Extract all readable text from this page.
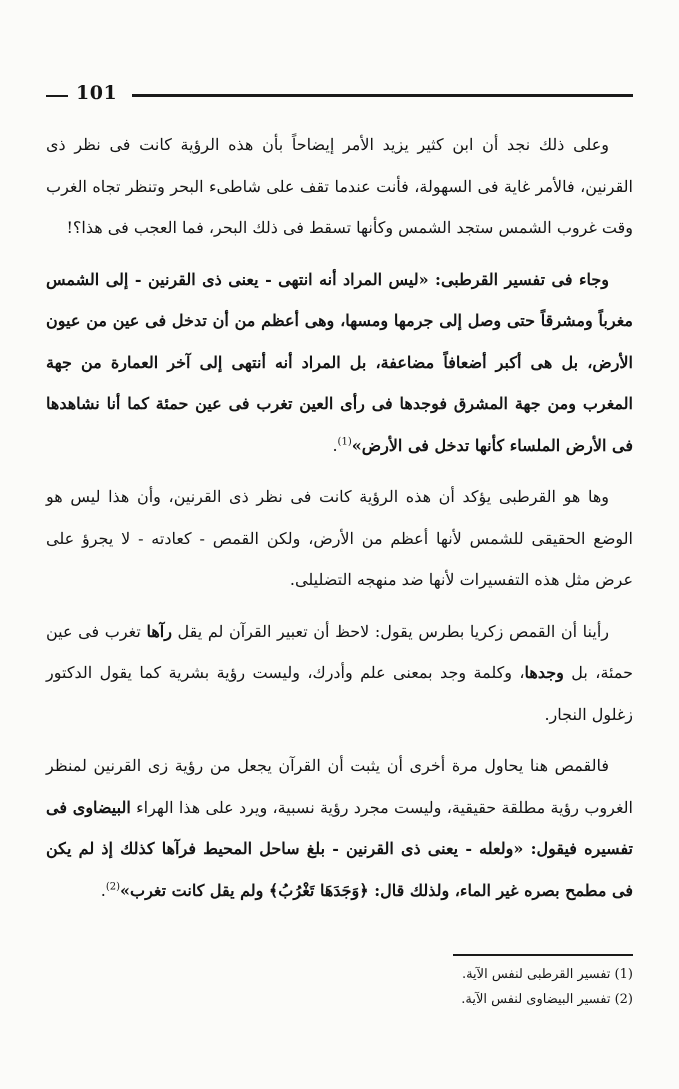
101

وعلى ذلك نجد أن ابن كثير يزيد الأمر إيضاحاً بأن هذه الرؤية كانت فى نظر ذى القرنين، فالأمر غاية فى السهولة، فأنت عندما تقف على شاطىء البحر وتنظر تجاه الغرب وقت غروب الشمس ستجد الشمس وكأنها تسقط فى ذلك البحر، فما العجب فى هذا؟!

وجاء فى تفسير القرطبى: «ليس المراد أنه انتهى - يعنى ذى القرنين - إلى الشمس مغرباً ومشرقاً حتى وصل إلى جرمها ومسها، وهى أعظم من أن تدخل فى عين من عيون الأرض، بل هى أكبر أضعافاً مضاعفة، بل المراد أنه أنتهى إلى آخر العمارة من جهة المغرب ومن جهة المشرق فوجدها فى رأى العين تغرب فى عين حمئة كما أنا نشاهدها فى الأرض الملساء كأنها تدخل فى الأرض»$^{(1)}$.

وها هو القرطبى يؤكد أن هذه الرؤية كانت فى نظر ذى القرنين، وأن هذا ليس هو الوضع الحقيقى للشمس لأنها أعظم من الأرض، ولكن القمص - كعادته - لا يجرؤ على عرض مثل هذه التفسيرات لأنها ضد منهجه التضليلى.

رأينا أن القمص زكريا بطرس يقول: لاحظ أن تعبير القرآن لم يقل رآها تغرب فى عين حمئة، بل وجدها، وكلمة وجد بمعنى علم وأدرك، وليست رؤية بشرية كما يقول الدكتور زغلول النجار.

فالقمص هنا يحاول مرة أخرى أن يثبت أن القرآن يجعل من رؤية زى القرنين لمنظر الغروب رؤية مطلقة حقيقية، وليست مجرد رؤية نسبية، ويرد على هذا الهراء البيضاوى فى تفسيره فيقول: «ولعله - يعنى ذى القرنين - بلغ ساحل المحيط فرآها كذلك إذ لم يكن فى مطمح بصره غير الماء، ولذلك قال: ﴿وَجَدَهَا تَغْرُبُ﴾ ولم يقل كانت تغرب»$^{(2)}$.

(1) تفسير القرطبى لنفس الآية.
(2) تفسير البيضاوى لنفس الآية.
